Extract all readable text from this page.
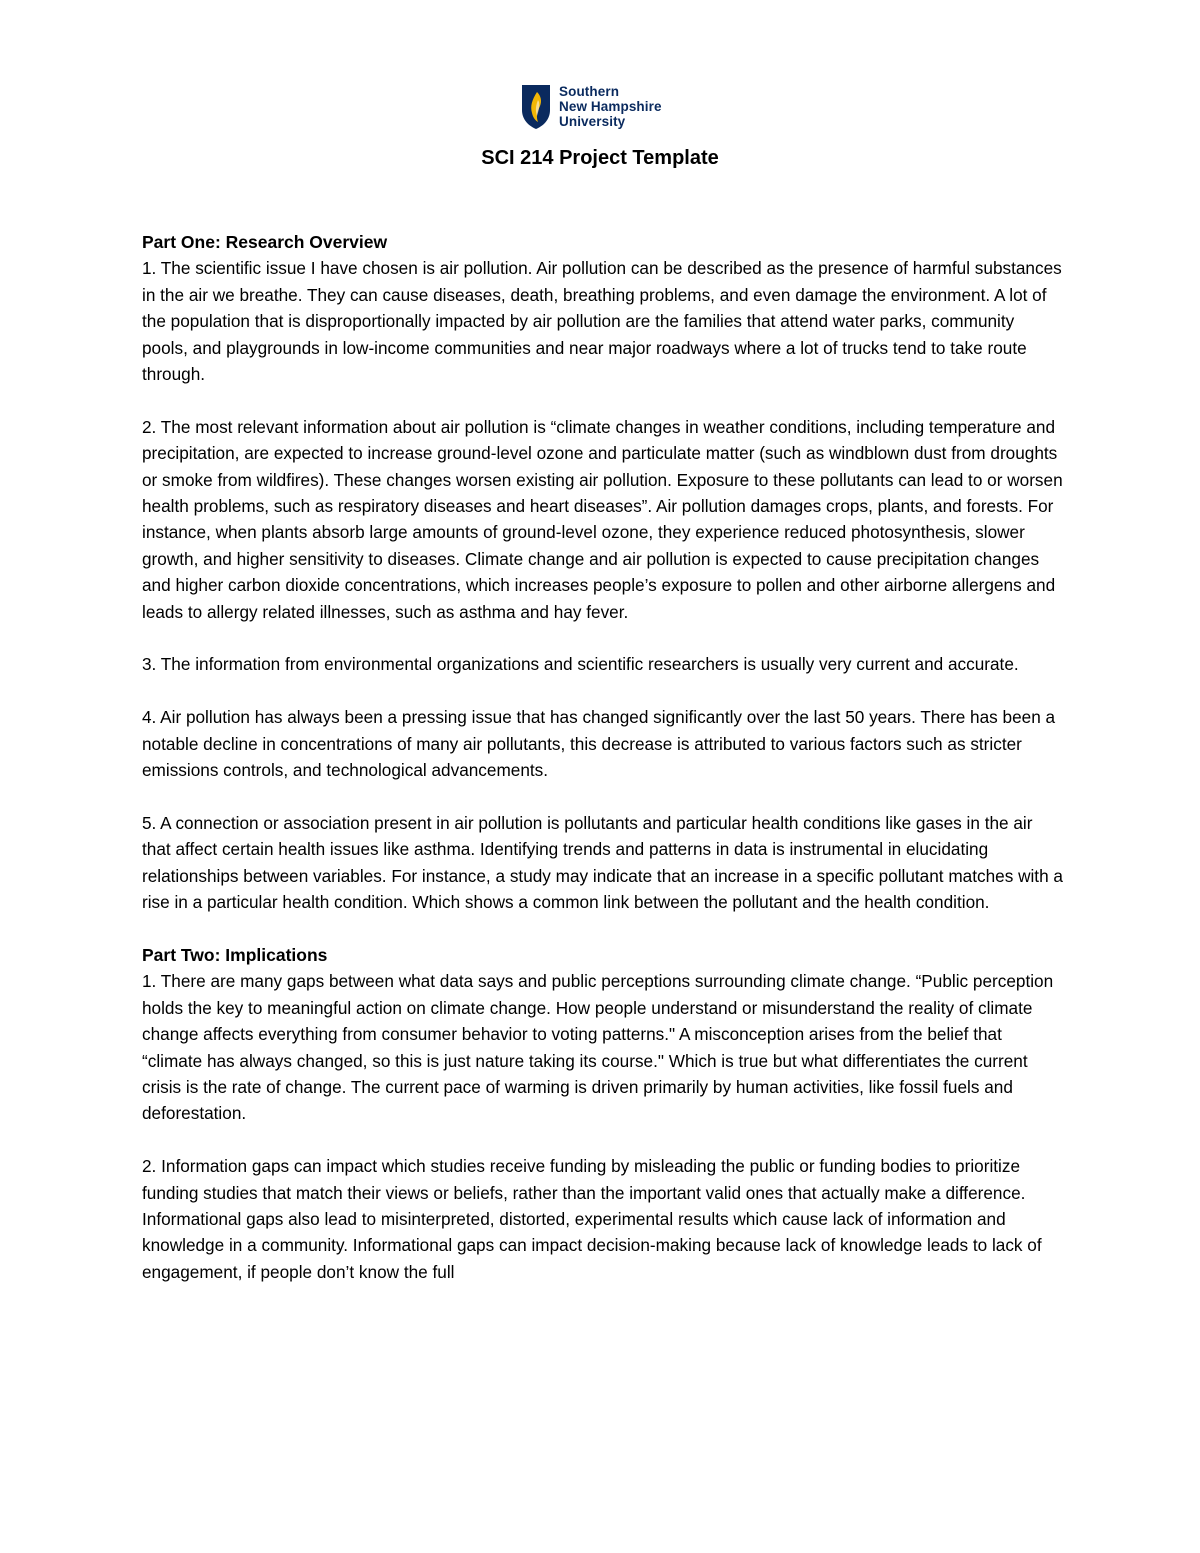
Southern
New Hampshire
University
SCI 214 Project Template
Part One: Research Overview

1. The scientific issue I have chosen is air pollution. Air pollution can be described as the presence of harmful substances in the air we breathe. They can cause diseases, death, breathing problems, and even damage the environment. A lot of the population that is disproportionally impacted by air pollution are the families that attend water parks, community pools, and playgrounds in low-income communities and near major roadways where a lot of trucks tend to take route through.

2. The most relevant information about air pollution is “climate changes in weather conditions, including temperature and precipitation, are expected to increase ground-level ozone and particulate matter (such as windblown dust from droughts or smoke from wildfires). These changes worsen existing air pollution. Exposure to these pollutants can lead to or worsen health problems, such as respiratory diseases and heart diseases”. Air pollution damages crops, plants, and forests. For instance, when plants absorb large amounts of ground-level ozone, they experience reduced photosynthesis, slower growth, and higher sensitivity to diseases. Climate change and air pollution is expected to cause precipitation changes and higher carbon dioxide concentrations, which increases people’s exposure to pollen and other airborne allergens and leads to allergy related illnesses, such as asthma and hay fever.

3. The information from environmental organizations and scientific researchers is usually very current and accurate.

4. Air pollution has always been a pressing issue that has changed significantly over the last 50 years. There has been a notable decline in concentrations of many air pollutants, this decrease is attributed to various factors such as stricter emissions controls, and technological advancements.

5. A connection or association present in air pollution is pollutants and particular health conditions like gases in the air that affect certain health issues like asthma. Identifying trends and patterns in data is instrumental in elucidating relationships between variables. For instance, a study may indicate that an increase in a specific pollutant matches with a rise in a particular health condition. Which shows a common link between the pollutant and the health condition.

Part Two: Implications

1. There are many gaps between what data says and public perceptions surrounding climate change. “Public perception holds the key to meaningful action on climate change. How people understand or misunderstand the reality of climate change affects everything from consumer behavior to voting patterns." A misconception arises from the belief that “climate has always changed, so this is just nature taking its course." Which is true but what differentiates the current crisis is the rate of change. The current pace of warming is driven primarily by human activities, like fossil fuels and deforestation.

2. Information gaps can impact which studies receive funding by misleading the public or funding bodies to prioritize funding studies that match their views or beliefs, rather than the important valid ones that actually make a difference. Informational gaps also lead to misinterpreted, distorted, experimental results which cause lack of information and knowledge in a community. Informational gaps can impact decision-making because lack of knowledge leads to lack of engagement, if people don’t know the full
